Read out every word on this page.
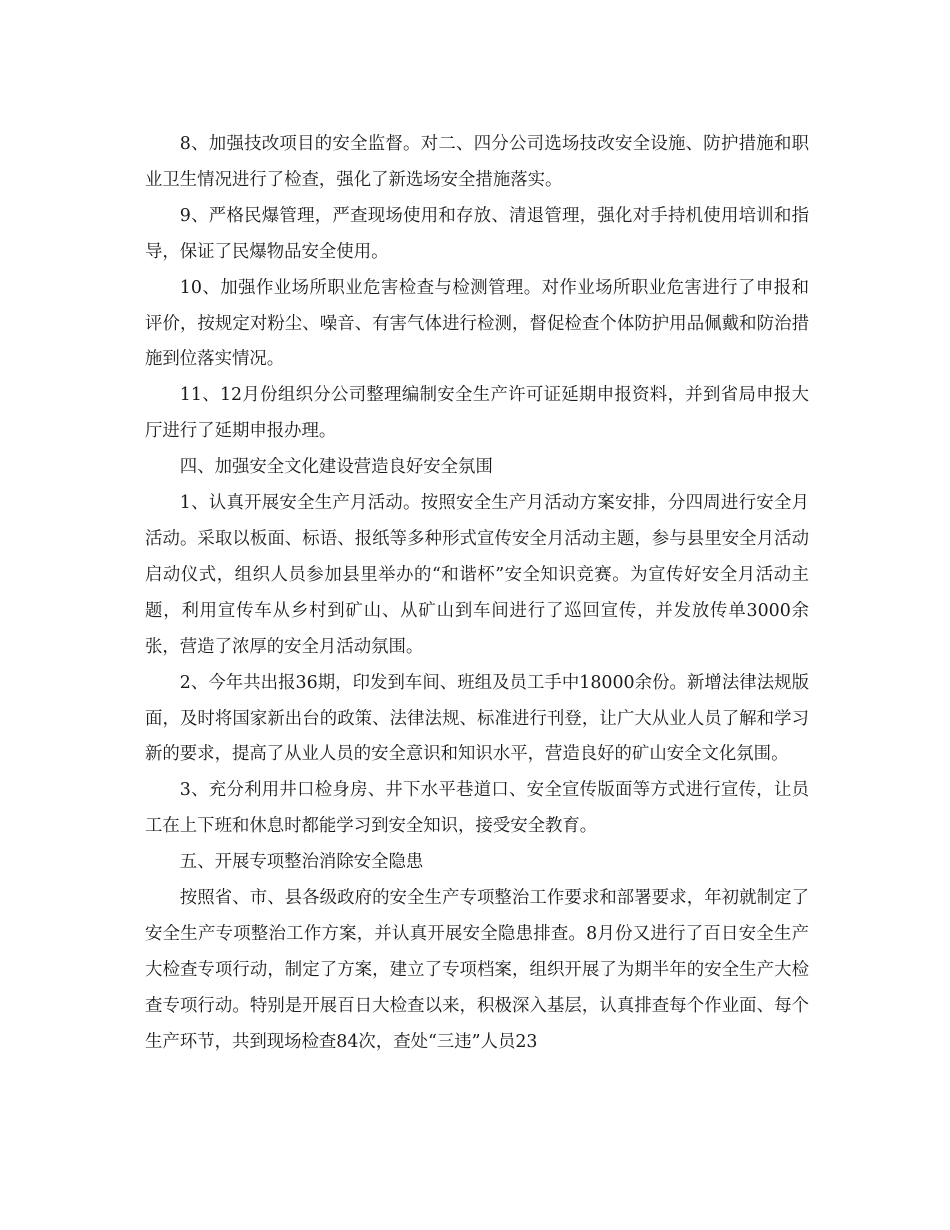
8、加强技改项目的安全监督。对二、四分公司选场技改安全设施、防护措施和职业卫生情况进行了检查，强化了新选场安全措施落实。

9、严格民爆管理，严查现场使用和存放、清退管理，强化对手持机使用培训和指导，保证了民爆物品安全使用。

10、加强作业场所职业危害检查与检测管理。对作业场所职业危害进行了申报和评价，按规定对粉尘、噪音、有害气体进行检测，督促检查个体防护用品佩戴和防治措施到位落实情况。

11、12月份组织分公司整理编制安全生产许可证延期申报资料，并到省局申报大厅进行了延期申报办理。

四、加强安全文化建设营造良好安全氛围

1、认真开展安全生产月活动。按照安全生产月活动方案安排，分四周进行安全月活动。采取以板面、标语、报纸等多种形式宣传安全月活动主题，参与县里安全月活动启动仪式，组织人员参加县里举办的“和谐杯”安全知识竞赛。为宣传好安全月活动主题，利用宣传车从乡村到矿山、从矿山到车间进行了巡回宣传，并发放传单3000余张，营造了浓厚的安全月活动氛围。

2、今年共出报36期，印发到车间、班组及员工手中18000余份。新增法律法规版面，及时将国家新出台的政策、法律法规、标准进行刊登，让广大从业人员了解和学习新的要求，提高了从业人员的安全意识和知识水平，营造良好的矿山安全文化氛围。

3、充分利用井口检身房、井下水平巷道口、安全宣传版面等方式进行宣传，让员工在上下班和休息时都能学习到安全知识，接受安全教育。

五、开展专项整治消除安全隐患

按照省、市、县各级政府的安全生产专项整治工作要求和部署要求，年初就制定了安全生产专项整治工作方案，并认真开展安全隐患排查。8月份又进行了百日安全生产大检查专项行动，制定了方案，建立了专项档案，组织开展了为期半年的安全生产大检查专项行动。特别是开展百日大检查以来，积极深入基层，认真排查每个作业面、每个生产环节，共到现场检查84次，查处“三违”人员23
